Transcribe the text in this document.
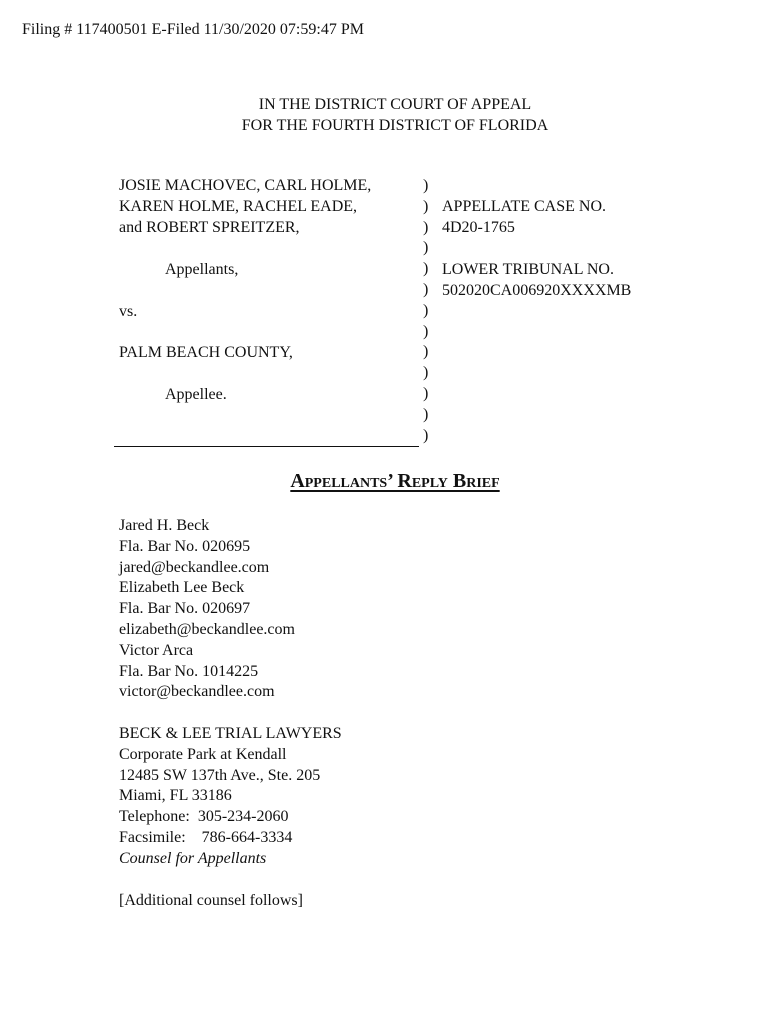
Filing # 117400501 E-Filed 11/30/2020 07:59:47 PM
IN THE DISTRICT COURT OF APPEAL
FOR THE FOURTH DISTRICT OF FLORIDA
JOSIE MACHOVEC, CARL HOLME,
KAREN HOLME, RACHEL EADE,
and ROBERT SPREITZER,
Appellants,
vs.
PALM BEACH COUNTY,
Appellee.
)
)
)
)
)
)
)
)
)
)
)
)
)
APPELLATE CASE NO.
4D20-1765
LOWER TRIBUNAL NO.
502020CA006920XXXXMB
Appellants’ Reply Brief
Jared H. Beck
Fla. Bar No. 020695
jared@beckandlee.com
Elizabeth Lee Beck
Fla. Bar No. 020697
elizabeth@beckandlee.com
Victor Arca
Fla. Bar No. 1014225
victor@beckandlee.com
BECK & LEE TRIAL LAWYERS
Corporate Park at Kendall
12485 SW 137th Ave., Ste. 205
Miami, FL 33186
Telephone:  305-234-2060
Facsimile:    786-664-3334
Counsel for Appellants
[Additional counsel follows]
